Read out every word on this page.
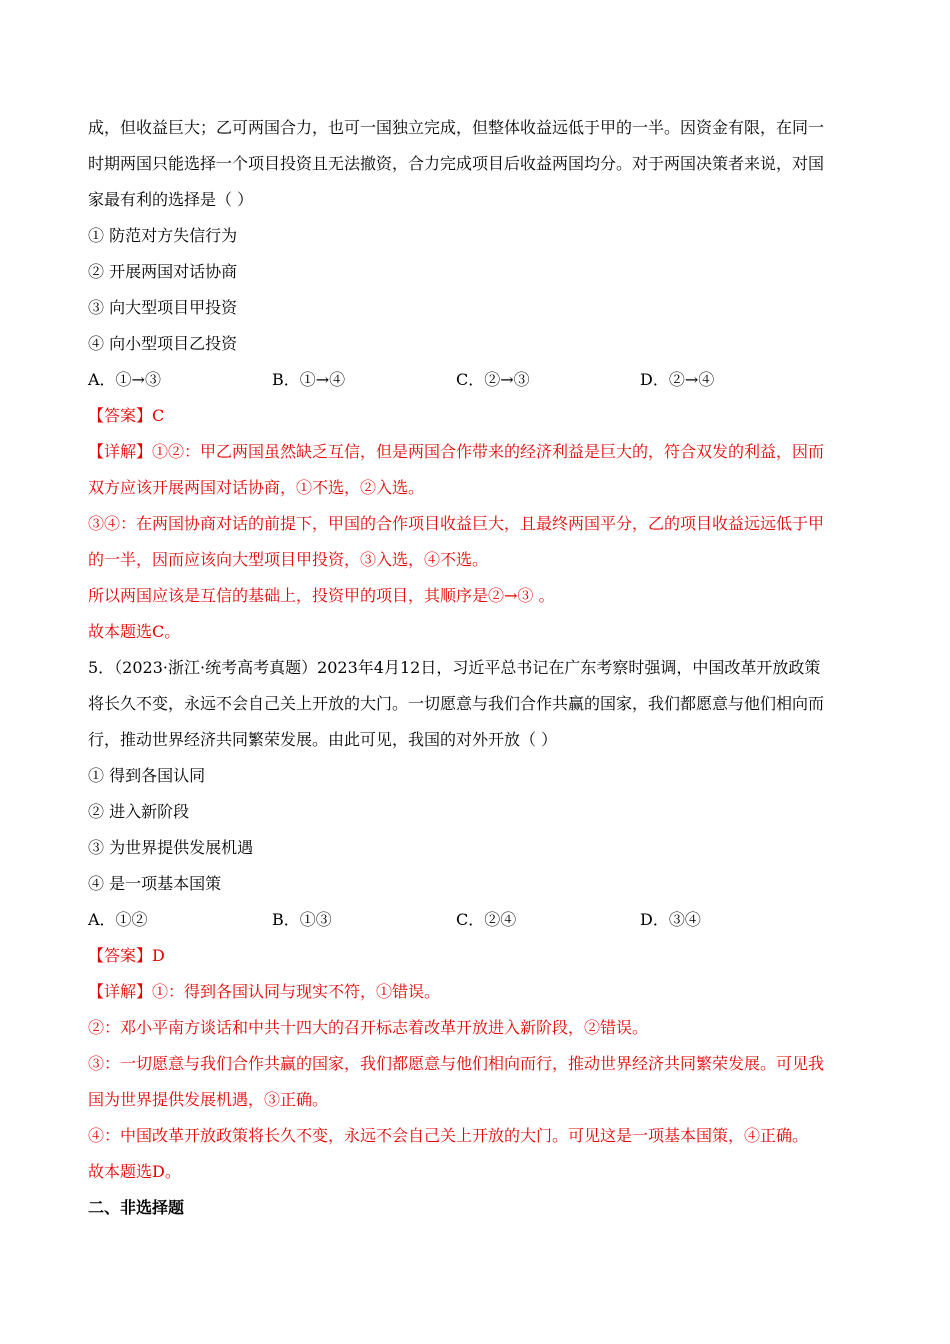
成，但收益巨大；乙可两国合力，也可一国独立完成，但整体收益远低于甲的一半。因资金有限，在同一
时期两国只能选择一个项目投资且无法撤资，合力完成项目后收益两国均分。对于两国决策者来说，对国
家最有利的选择是（ ）
① 防范对方失信行为
② 开展两国对话协商
③ 向大型项目甲投资
④ 向小型项目乙投资
A．①→③	B．①→④	C．②→③	D．②→④
【答案】C
【详解】①②：甲乙两国虽然缺乏互信，但是两国合作带来的经济利益是巨大的，符合双发的利益，因而
双方应该开展两国对话协商，①不选，②入选。
③④：在两国协商对话的前提下，甲国的合作项目收益巨大，且最终两国平分，乙的项目收益远远低于甲
的一半，因而应该向大型项目甲投资，③入选，④不选。
所以两国应该是互信的基础上，投资甲的项目，其顺序是②→③ 。
故本题选C。
5．（2023·浙江·统考高考真题）2023年4月12日，习近平总书记在广东考察时强调，中国改革开放政策
将长久不变，永远不会自己关上开放的大门。一切愿意与我们合作共赢的国家，我们都愿意与他们相向而
行，推动世界经济共同繁荣发展。由此可见，我国的对外开放（ ）
① 得到各国认同
② 进入新阶段
③ 为世界提供发展机遇
④ 是一项基本国策
A．①②	B．①③	C．②④	D．③④
【答案】D
【详解】①：得到各国认同与现实不符，①错误。
②：邓小平南方谈话和中共十四大的召开标志着改革开放进入新阶段，②错误。
③：一切愿意与我们合作共赢的国家，我们都愿意与他们相向而行，推动世界经济共同繁荣发展。可见我
国为世界提供发展机遇，③正确。
④：中国改革开放政策将长久不变，永远不会自己关上开放的大门。可见这是一项基本国策，④正确。
故本题选D。
二、非选择题
